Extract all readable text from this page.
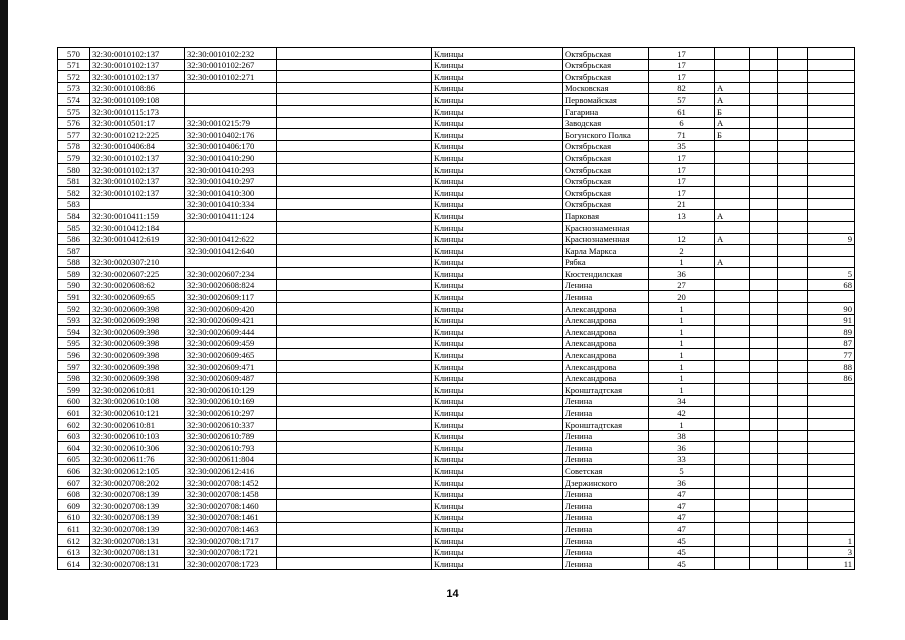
570	32:30:0010102:137	32:30:0010102:232		Клинцы	Октябрьская	17				
571	32:30:0010102:137	32:30:0010102:267		Клинцы	Октябрьская	17				
572	32:30:0010102:137	32:30:0010102:271		Клинцы	Октябрьская	17				
573	32:30:0010108:86			Клинцы	Московская	82	А			
574	32:30:0010109:108			Клинцы	Первомайская	57	А			
575	32:30:0010115:173			Клинцы	Гагарина	61	Б			
576	32:30:0010501:17	32:30:0010215:79		Клинцы	Заводская	6	А			
577	32:30:0010212:225	32:30:0010402:176		Клинцы	Богунского Полка	71	Б			
578	32:30:0010406:84	32:30:0010406:170		Клинцы	Октябрьская	35				
579	32:30:0010102:137	32:30:0010410:290		Клинцы	Октябрьская	17				
580	32:30:0010102:137	32:30:0010410:293		Клинцы	Октябрьская	17				
581	32:30:0010102:137	32:30:0010410:297		Клинцы	Октябрьская	17				
582	32:30:0010102:137	32:30:0010410:300		Клинцы	Октябрьская	17				
583		32:30:0010410:334		Клинцы	Октябрьская	21				
584	32:30:0010411:159	32:30:0010411:124		Клинцы	Парковая	13	А			
585	32:30:0010412:184			Клинцы	Краснознаменная					
586	32:30:0010412:619	32:30:0010412:622		Клинцы	Краснознаменная	12	А			9
587		32:30:0010412:640		Клинцы	Карла Маркса	2				
588	32:30:0020307:210			Клинцы	Рябка	1	А			
589	32:30:0020607:225	32:30:0020607:234		Клинцы	Кюстендилская	36				5
590	32:30:0020608:62	32:30:0020608:824		Клинцы	Ленина	27				68
591	32:30:0020609:65	32:30:0020609:117		Клинцы	Ленина	20				
592	32:30:0020609:398	32:30:0020609:420		Клинцы	Александрова	1				90
593	32:30:0020609:398	32:30:0020609:421		Клинцы	Александрова	1				91
594	32:30:0020609:398	32:30:0020609:444		Клинцы	Александрова	1				89
595	32:30:0020609:398	32:30:0020609:459		Клинцы	Александрова	1				87
596	32:30:0020609:398	32:30:0020609:465		Клинцы	Александрова	1				77
597	32:30:0020609:398	32:30:0020609:471		Клинцы	Александрова	1				88
598	32:30:0020609:398	32:30:0020609:487		Клинцы	Александрова	1				86
599	32:30:0020610:81	32:30:0020610:129		Клинцы	Кронштадтская	1				
600	32:30:0020610:108	32:30:0020610:169		Клинцы	Ленина	34				
601	32:30:0020610:121	32:30:0020610:297		Клинцы	Ленина	42				
602	32:30:0020610:81	32:30:0020610:337		Клинцы	Кронштадтская	1				
603	32:30:0020610:103	32:30:0020610:789		Клинцы	Ленина	38				
604	32:30:0020610:306	32:30:0020610:793		Клинцы	Ленина	36				
605	32:30:0020611:76	32:30:0020611:804		Клинцы	Ленина	33				
606	32:30:0020612:105	32:30:0020612:416		Клинцы	Советская	5				
607	32:30:0020708:202	32:30:0020708:1452		Клинцы	Дзержинского	36				
608	32:30:0020708:139	32:30:0020708:1458		Клинцы	Ленина	47				
609	32:30:0020708:139	32:30:0020708:1460		Клинцы	Ленина	47				
610	32:30:0020708:139	32:30:0020708:1461		Клинцы	Ленина	47				
611	32:30:0020708:139	32:30:0020708:1463		Клинцы	Ленина	47				
612	32:30:0020708:131	32:30:0020708:1717		Клинцы	Ленина	45				1
613	32:30:0020708:131	32:30:0020708:1721		Клинцы	Ленина	45				3
614	32:30:0020708:131	32:30:0020708:1723		Клинцы	Ленина	45				11
14
